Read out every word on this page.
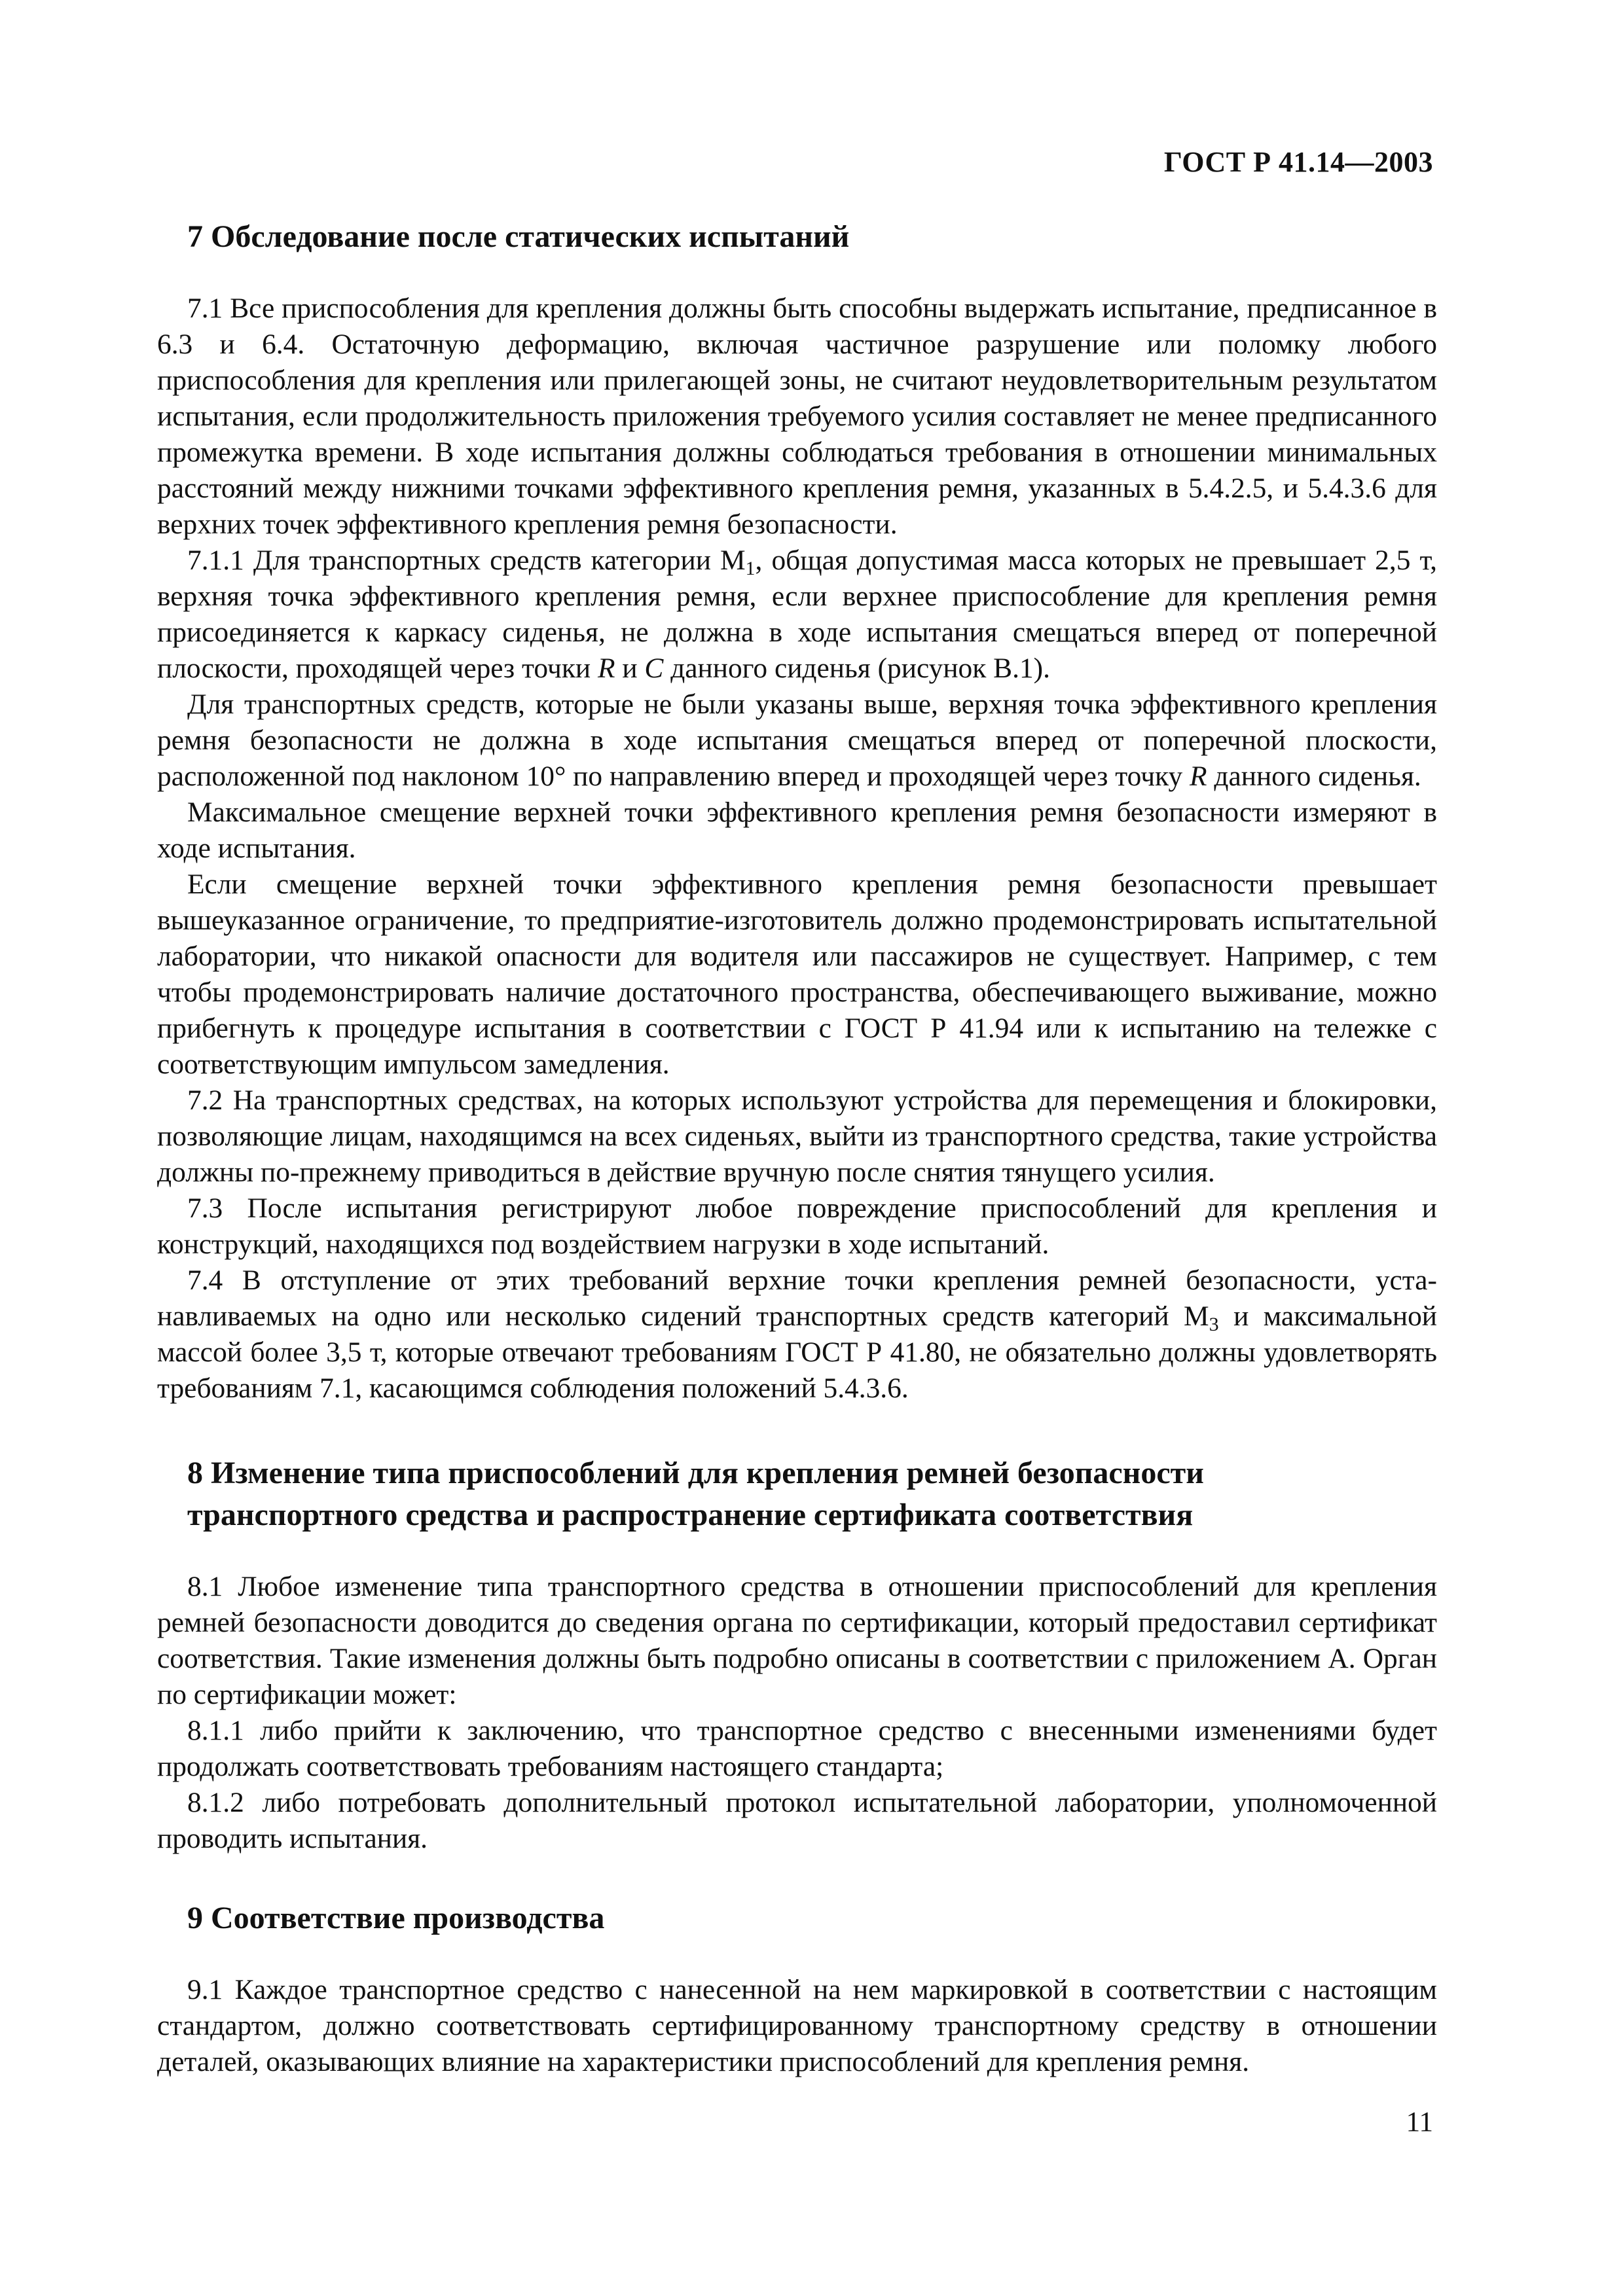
ГОСТ Р 41.14—2003
7 Обследование после статических испытаний

7.1 Все приспособления для крепления должны быть способны выдержать испытание, предписанное в 6.3 и 6.4. Остаточную деформацию, включая частичное разрушение или поломку любого приспособления для крепления или прилегающей зоны, не считают неудовлетворительным результатом испытания, если продолжительность приложения требуемого усилия составляет не менее предписанного промежутка времени. В ходе испытания должны соблюдаться требования в отношении минимальных расстояний между нижними точками эффективного крепления ремня, указанных в 5.4.2.5, и 5.4.3.6 для верхних точек эффективного крепления ремня безопасности.

7.1.1 Для транспортных средств категории $M_1$, общая допустимая масса которых не превышает 2,5 т, верхняя точка эффективного крепления ремня, если верхнее приспособление для крепления ремня присоединяется к каркасу сиденья, не должна в ходе испытания смещаться вперед от поперечной плоскости, проходящей через точки R и C данного сиденья (рисунок В.1).

Для транспортных средств, которые не были указаны выше, верхняя точка эффективного крепления ремня безопасности не должна в ходе испытания смещаться вперед от поперечной плоскости, расположенной под наклоном 10° по направлению вперед и проходящей через точку R данного сиденья.

Максимальное смещение верхней точки эффективного крепления ремня безопасности измеряют в ходе испытания.

Если смещение верхней точки эффективного крепления ремня безопасности превышает вышеуказанное ограничение, то предприятие-изготовитель должно продемонстрировать испытательной лаборатории, что никакой опасности для водителя или пассажиров не существует. Например, с тем чтобы продемонстрировать наличие достаточного пространства, обеспечивающего выживание, можно прибегнуть к процедуре испытания в соответствии с ГОСТ Р 41.94 или к испытанию на тележке с соответствующим импульсом замедления.

7.2 На транспортных средствах, на которых используют устройства для перемещения и блокировки, позволяющие лицам, находящимся на всех сиденьях, выйти из транспортного средства, такие устройства должны по-прежнему приводиться в действие вручную после снятия тянущего усилия.

7.3 После испытания регистрируют любое повреждение приспособлений для крепления и конструкций, находящихся под воздействием нагрузки в ходе испытаний.

7.4 В отступление от этих требований верхние точки крепления ремней безопасности, устанавливаемых на одно или несколько сидений транспортных средств категорий $M_3$ и максимальной массой более 3,5 т, которые отвечают требованиям ГОСТ Р 41.80, не обязательно должны удовлетворять требованиям 7.1, касающимся соблюдения положений 5.4.3.6.

8 Изменение типа приспособлений для крепления ремней безопасности
транспортного средства и распространение сертификата соответствия

8.1 Любое изменение типа транспортного средства в отношении приспособлений для крепления ремней безопасности доводится до сведения органа по сертификации, который предоставил сертификат соответствия. Такие изменения должны быть подробно описаны в соответствии с приложением А. Орган по сертификации может:

8.1.1 либо прийти к заключению, что транспортное средство с внесенными изменениями будет продолжать соответствовать требованиям настоящего стандарта;

8.1.2 либо потребовать дополнительный протокол испытательной лаборатории, уполномоченной проводить испытания.

9 Соответствие производства

9.1 Каждое транспортное средство с нанесенной на нем маркировкой в соответствии с настоящим стандартом, должно соответствовать сертифицированному транспортному средству в отношении деталей, оказывающих влияние на характеристики приспособлений для крепления ремня.

11
